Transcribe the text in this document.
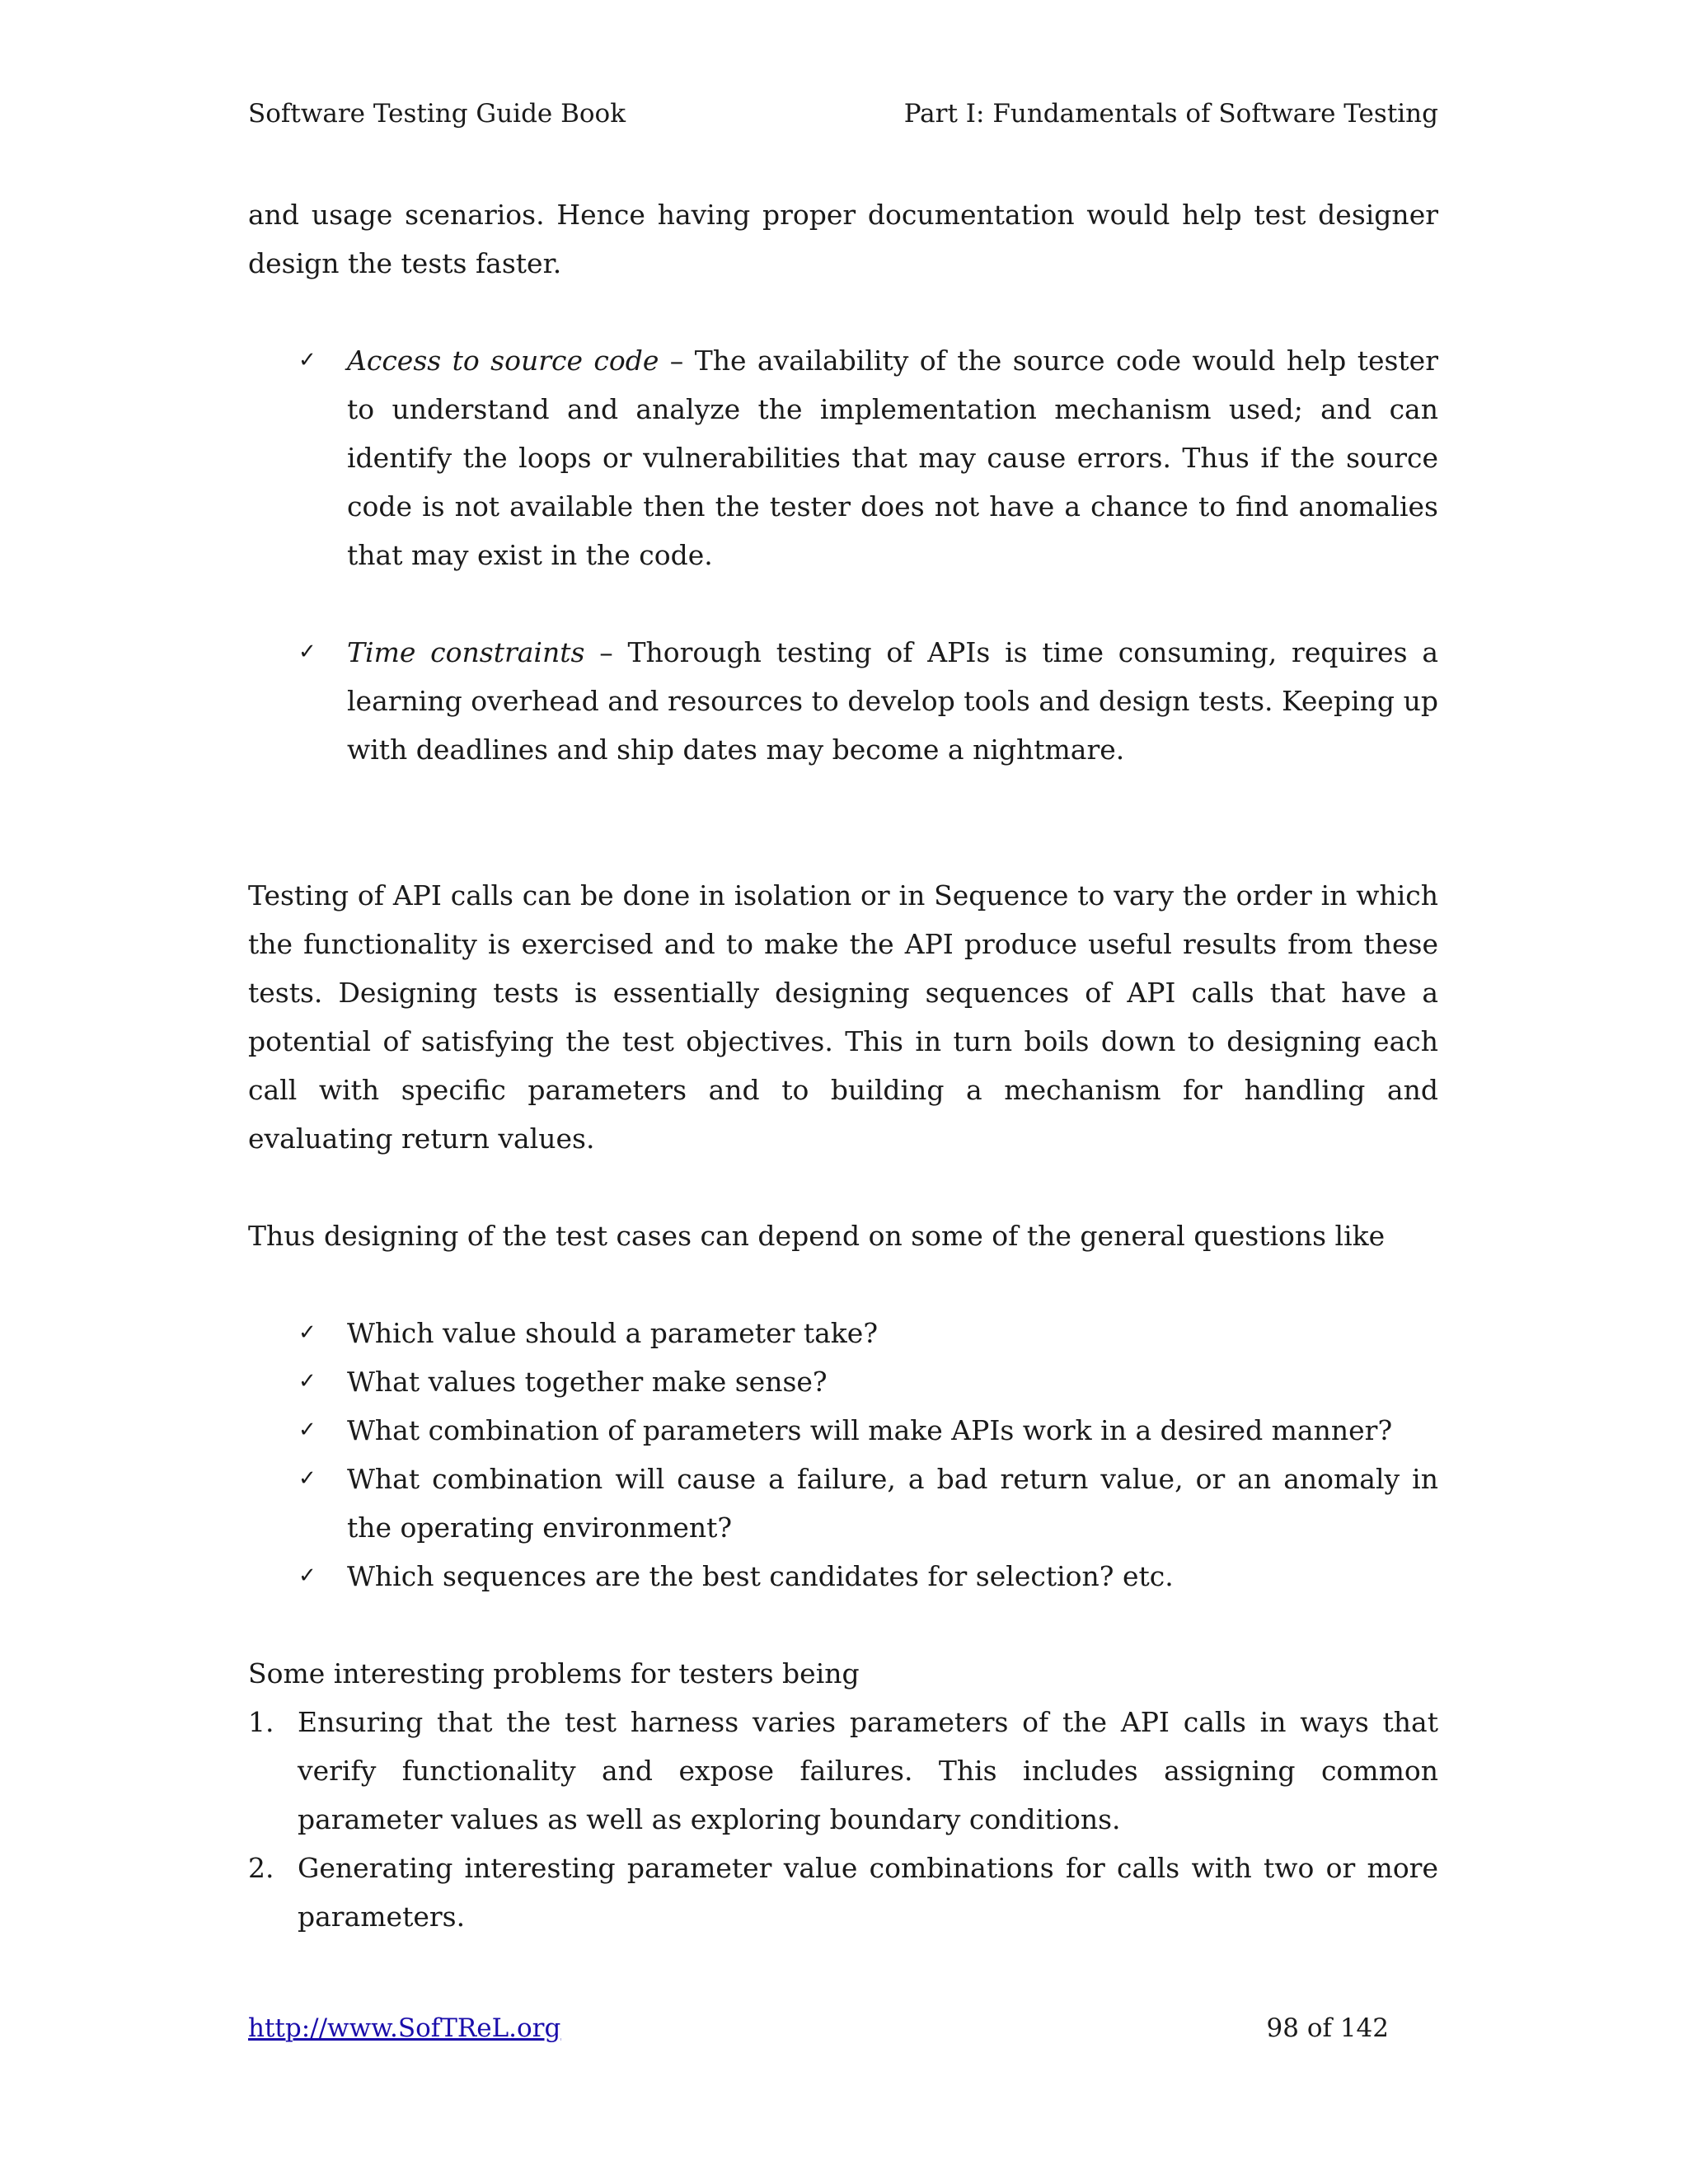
Software Testing Guide Book	Part I: Fundamentals of Software Testing

and usage scenarios. Hence having proper documentation would help test designer design the tests faster.

✓ Access to source code – The availability of the source code would help tester to understand and analyze the implementation mechanism used; and can identify the loops or vulnerabilities that may cause errors. Thus if the source code is not available then the tester does not have a chance to find anomalies that may exist in the code.
✓ Time constraints – Thorough testing of APIs is time consuming, requires a learning overhead and resources to develop tools and design tests. Keeping up with deadlines and ship dates may become a nightmare.

Testing of API calls can be done in isolation or in Sequence to vary the order in which the functionality is exercised and to make the API produce useful results from these tests. Designing tests is essentially designing sequences of API calls that have a potential of satisfying the test objectives. This in turn boils down to designing each call with specific parameters and to building a mechanism for handling and evaluating return values.

Thus designing of the test cases can depend on some of the general questions like

✓ Which value should a parameter take?
✓ What values together make sense?
✓ What combination of parameters will make APIs work in a desired manner?
✓ What combination will cause a failure, a bad return value, or an anomaly in the operating environment?
✓ Which sequences are the best candidates for selection? etc.

Some interesting problems for testers being

1. Ensuring that the test harness varies parameters of the API calls in ways that verify functionality and expose failures. This includes assigning common parameter values as well as exploring boundary conditions.
2. Generating interesting parameter value combinations for calls with two or more parameters.
http://www.SofTReL.org	98 of 142
